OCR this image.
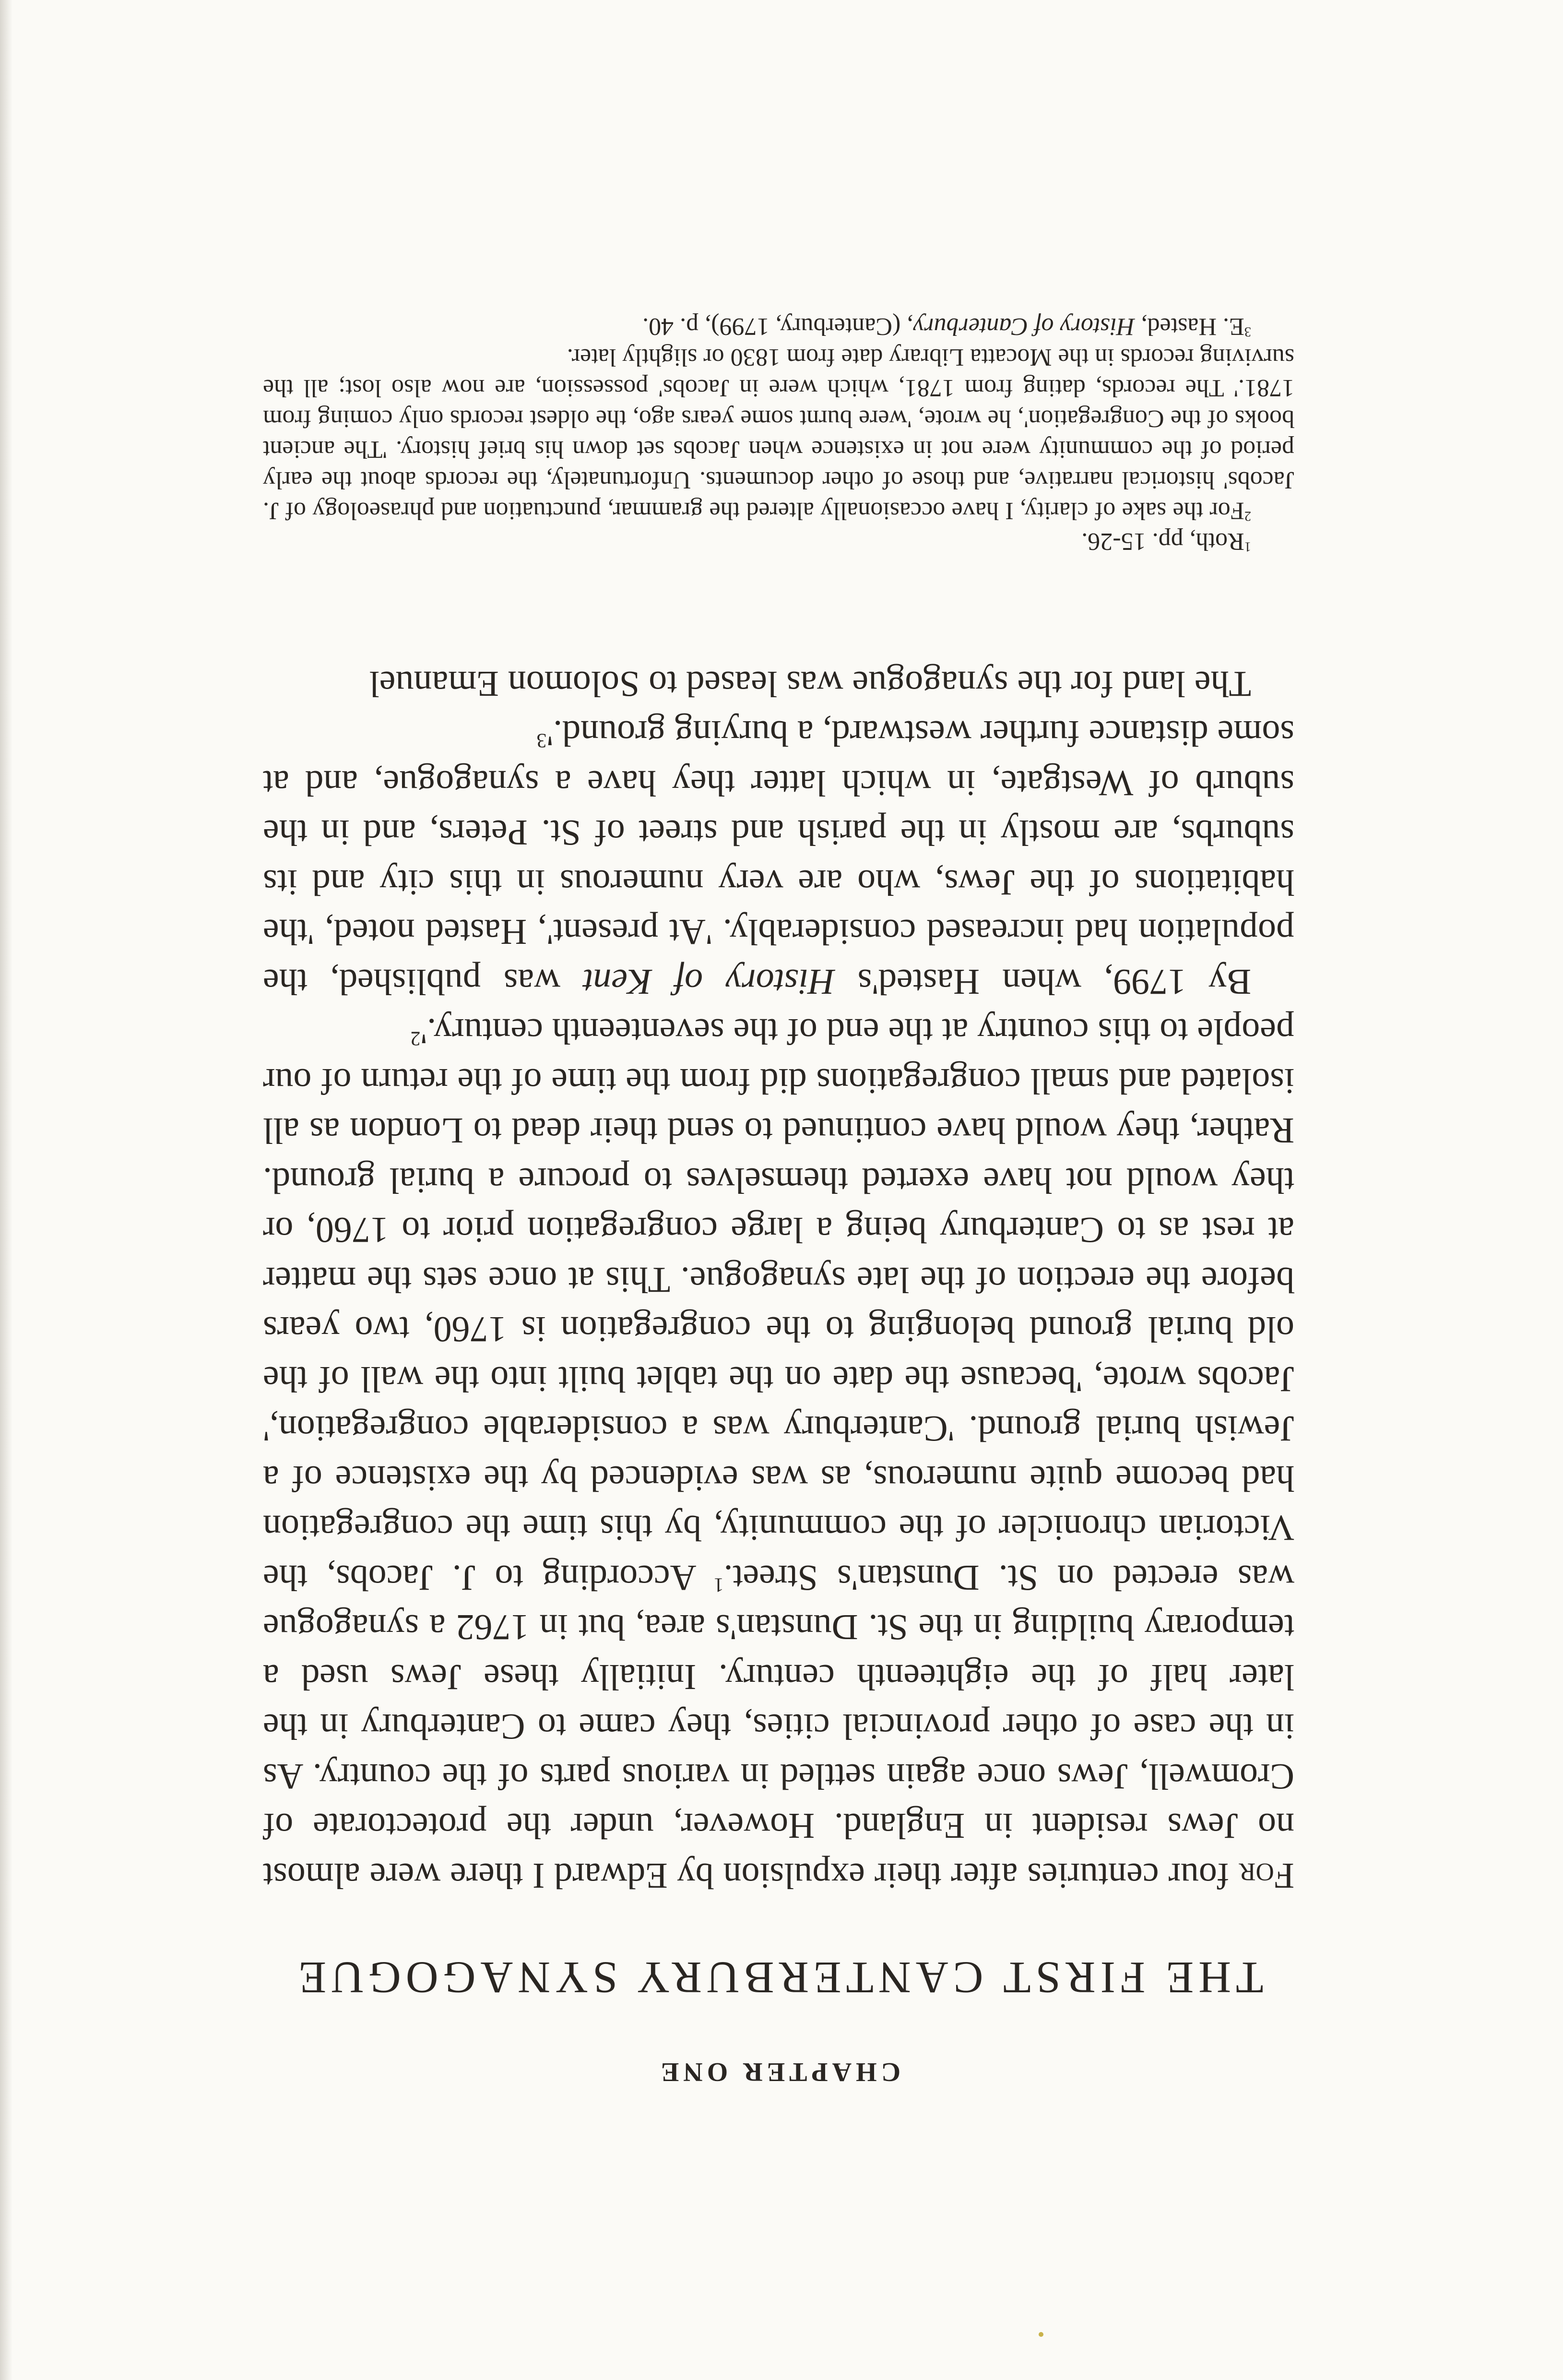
CHAPTER ONE
THE FIRST CANTERBURY SYNAGOGUE

For four centuries after their expulsion by Edward I there were almost no Jews resident in England. However, under the protectorate of Cromwell, Jews once again settled in various parts of the country. As in the case of other provincial cities, they came to Canterbury in the later half of the eighteenth century. Initially these Jews used a temporary building in the St. Dunstan's area, but in 1762 a synagogue was erected on St. Dunstan's Street.$^1$ According to J. Jacobs, the Victorian chronicler of the community, by this time the congregation had become quite numerous, as was evidenced by the existence of a Jewish burial ground. 'Canterbury was a considerable congregation,' Jacobs wrote, 'because the date on the tablet built into the wall of the old burial ground belonging to the congregation is 1760, two years before the erection of the late synagogue. This at once sets the matter at rest as to Canterbury being a large congregation prior to 1760, or they would not have exerted themselves to procure a burial ground. Rather, they would have continued to send their dead to London as all isolated and small congregations did from the time of the return of our people to this country at the end of the seventeenth $century.'^2$

By 1799, when Hasted's History of Kent was published, the population had increased considerably. 'At present', Hasted noted, 'the habitations of the Jews, who are very numerous in this city and its suburbs, are mostly in the parish and street of St. Peters, and in the suburb of Westgate, in which latter they have a synagogue, and at some distance further westward, a burying $ground.'^3$

The land for the synagogue was leased to Solomon Emanuel

$^1$Roth, pp. 15-26.

$^2$For the sake of clarity, I have occasionally altered the grammar, punctuation and phraseology of J. Jacobs' historical narrative, and those of other documents. Unfortunately, the records about the early period of the community were not in existence when Jacobs set down his brief history. 'The ancient books of the Congregation', he wrote, 'were burnt some years ago, the oldest records only coming from 1781.' The records, dating from 1781, which were in Jacobs' possession, are now also lost; all the surviving records in the Mocatta Library date from 1830 or slightly later.

$^3$E. Hasted, History of Canterbury, (Canterbury, 1799), p. 40.
